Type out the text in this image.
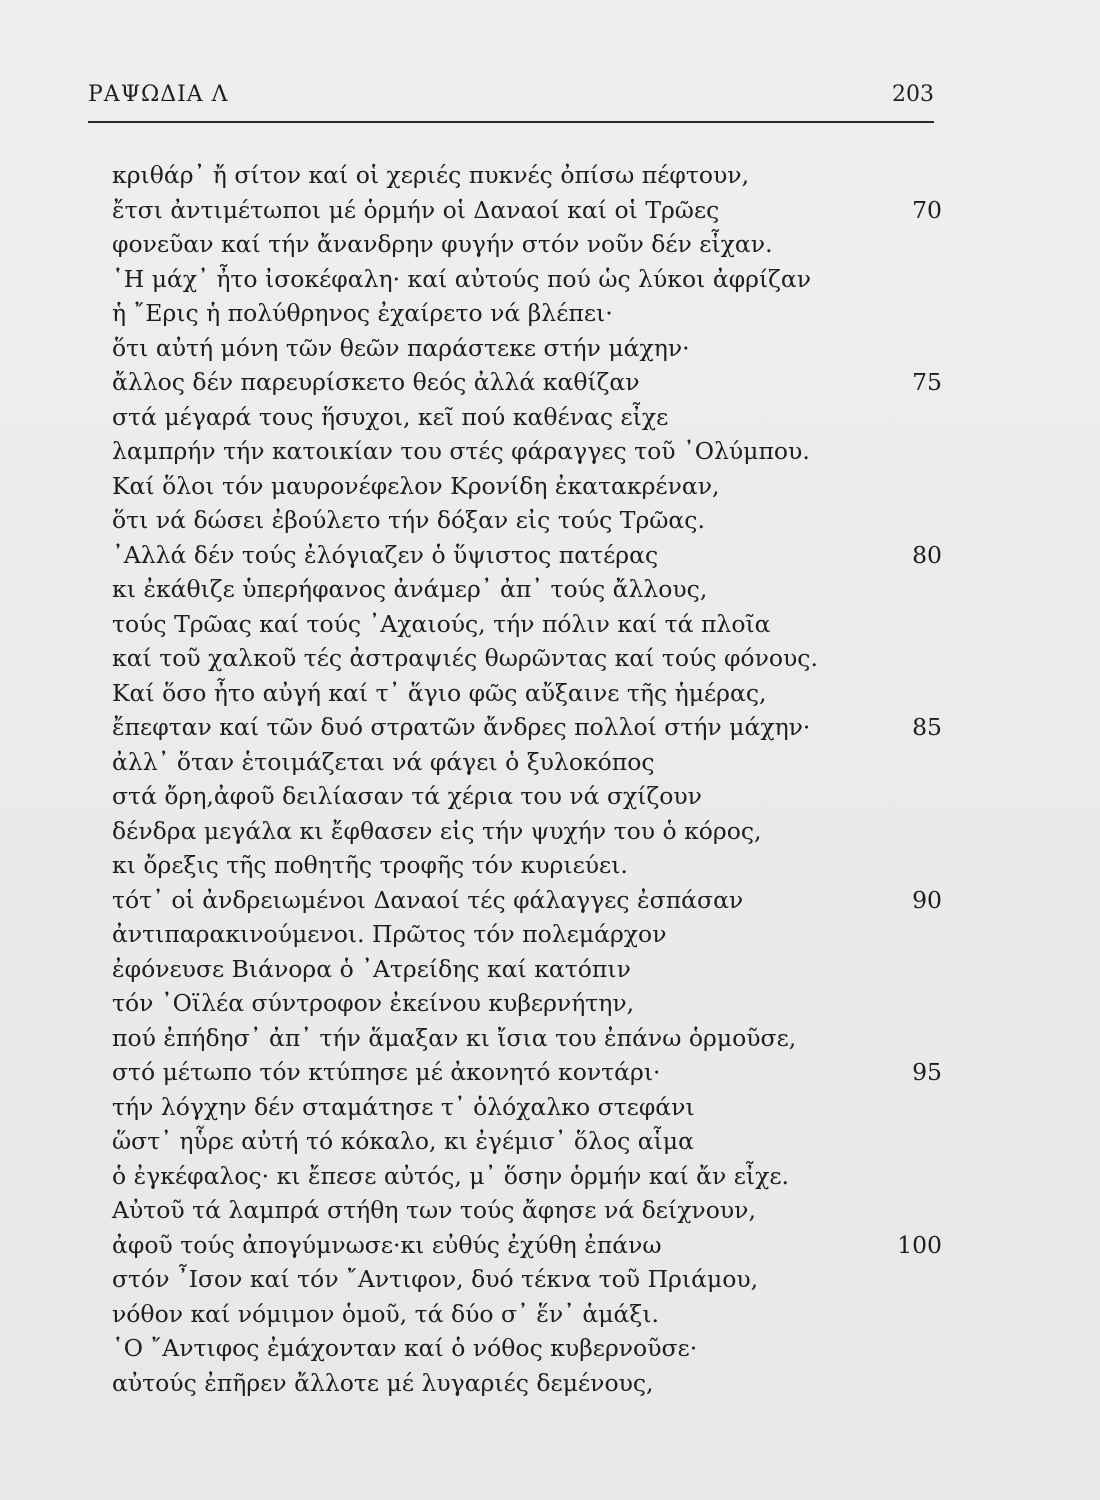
ΡΑΨΩΔΙΑ Λ	203
κριθάρ᾽ ἤ σίτον καί οἱ χεριές πυκνές ὀπίσω πέφτουν,
ἔτσι ἀντιμέτωποι μέ ὁρμήν οἱ Δαναοί καί οἱ Τρῶες	70
φονεῦαν καί τήν ἄνανδρην φυγήν στόν νοῦν δέν εἶχαν.
῾Η μάχ᾽ ἦτο ἰσοκέφαλη· καί αὐτούς πού ὡς λύκοι ἀφρίζαν
ἡ ῎Ερις ἡ πολύθρηνος ἐχαίρετο νά βλέπει·
ὅτι αὐτή μόνη τῶν θεῶν παράστεκε στήν μάχην·
ἄλλος δέν παρευρίσκετο θεός ἀλλά καθίζαν	75
στά μέγαρά τους ἥσυχοι, κεῖ πού καθένας εἶχε
λαμπρήν τήν κατοικίαν του στές φάραγγες τοῦ ᾽Ολύμπου.
Καί ὅλοι τόν μαυρονέφελον Κρονίδη ἐκατακρέναν,
ὅτι νά δώσει ἐβούλετο τήν δόξαν εἰς τούς Τρῶας.
᾽Αλλά δέν τούς ἐλόγιαζεν ὁ ὕψιστος πατέρας	80
κι ἐκάθιζε ὑπερήφανος ἀνάμερ᾽ ἀπ᾽ τούς ἄλλους,
τούς Τρῶας καί τούς ᾽Αχαιούς, τήν πόλιν καί τά πλοῖα
καί τοῦ χαλκοῦ τές ἀστραψιές θωρῶντας καί τούς φόνους.
Καί ὅσο ἦτο αὐγή καί τ᾽ ἅγιο φῶς αὔξαινε τῆς ἡμέρας,
ἔπεφταν καί τῶν δυό στρατῶν ἄνδρες πολλοί στήν μάχην·	85
ἀλλ᾽ ὅταν ἑτοιμάζεται νά φάγει ὁ ξυλοκόπος
στά ὄρη,ἀφοῦ δειλίασαν τά χέρια του νά σχίζουν
δένδρα μεγάλα κι ἔφθασεν εἰς τήν ψυχήν του ὁ κόρος,
κι ὄρεξις τῆς ποθητῆς τροφῆς τόν κυριεύει.
τότ᾽ οἱ ἀνδρειωμένοι Δαναοί τές φάλαγγες ἐσπάσαν	90
ἀντιπαρακινούμενοι. Πρῶτος τόν πολεμάρχον
ἐφόνευσε Βιάνορα ὁ ᾽Ατρείδης καί κατόπιν
τόν ᾽Οϊλέα σύντροφον ἐκείνου κυβερνήτην,
πού ἐπήδησ᾽ ἀπ᾽ τήν ἅμαξαν κι ἴσια του ἐπάνω ὁρμοῦσε,
στό μέτωπο τόν κτύπησε μέ ἀκονητό κοντάρι·	95
τήν λόγχην δέν σταμάτησε τ᾽ ὁλόχαλκο στεφάνι
ὥστ᾽ ηὗρε αὐτή τό κόκαλο, κι ἐγέμισ᾽ ὅλος αἷμα
ὁ ἐγκέφαλος· κι ἔπεσε αὐτός, μ᾽ ὅσην ὁρμήν καί ἄν εἶχε.
Αὐτοῦ τά λαμπρά στήθη των τούς ἄφησε νά δείχνουν,
ἀφοῦ τούς ἀπογύμνωσε·κι εὐθύς ἐχύθη ἐπάνω	100
στόν ῏Ισον καί τόν ῎Αντιφον, δυό τέκνα τοῦ Πριάμου,
νόθον καί νόμιμον ὁμοῦ, τά δύο σ᾽ ἕν᾽ ἁμάξι.
῾Ο ῎Αντιφος ἐμάχονταν καί ὁ νόθος κυβερνοῦσε·
αὐτούς ἐπῆρεν ἄλλοτε μέ λυγαριές δεμένους,
